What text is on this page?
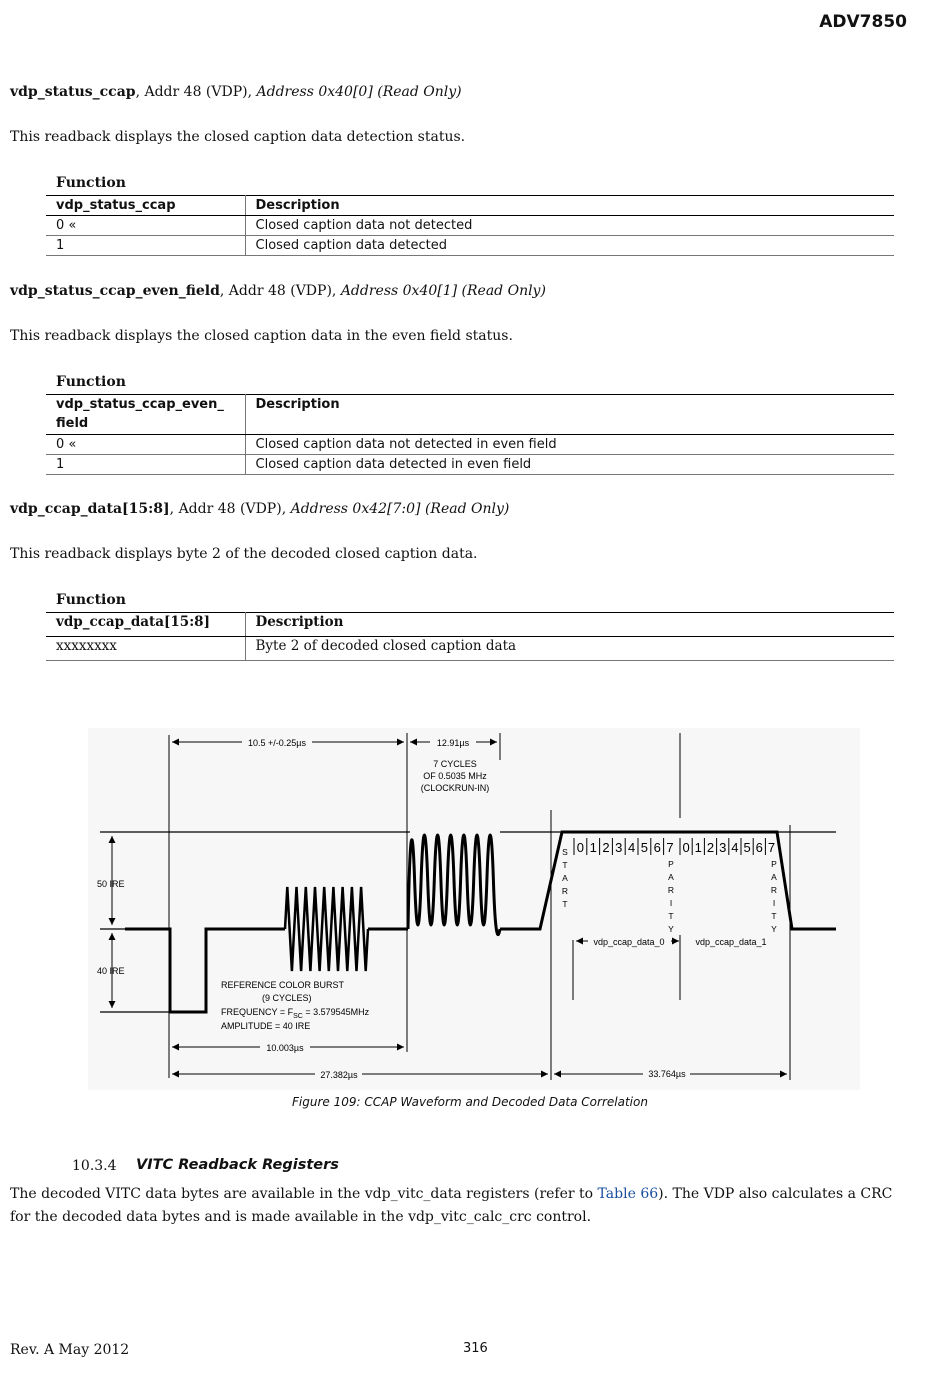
ADV7850
vdp_status_ccap, Addr 48 (VDP), Address 0x40[0] (Read Only)
This readback displays the closed caption data detection status.
Function
vdp_status_ccap	Description
0 «	Closed caption data not detected
1	Closed caption data detected
vdp_status_ccap_even_field, Addr 48 (VDP), Address 0x40[1] (Read Only)
This readback displays the closed caption data in the even field status.
Function
vdp_status_ccap_even_
field	Description
0 «	Closed caption data not detected in even field
1	Closed caption data detected in even field
vdp_ccap_data[15:8], Addr 48 (VDP), Address 0x42[7:0] (Read Only)
This readback displays byte 2 of the decoded closed caption data.
Function
vdp_ccap_data[15:8]	Description
xxxxxxxx	Byte 2 of decoded closed caption data
10.5 +/-0.25µs	12.91µs
7 CYCLES
OF 0.5035 MHz
(CLOCKRUN-IN)
50 IRE
40 IRE
REFERENCE COLOR BURST
(9 CYCLES)
FREQUENCY = $F_{SC} = 3.579545MHz$
AMPLITUDE = 40 IRE
10.003µs
27.382µs	33.764µs
vdp_ccap_data_0	vdp_ccap_data_1
S
T
A
R
T
P
A
R
I
T
Y
P
A
R
I
T
Y
0 1 2 3 4 5 6 7 0 1 2 3 4 5 6 7
Figure 109: CCAP Waveform and Decoded Data Correlation
10.3.4 VITC Readback Registers
The decoded VITC data bytes are available in the vdp_vitc_data registers (refer to Table 66). The VDP also calculates a CRC for the decoded data bytes and is made available in the vdp_vitc_calc_crc control.
Rev. A May 2012	316
